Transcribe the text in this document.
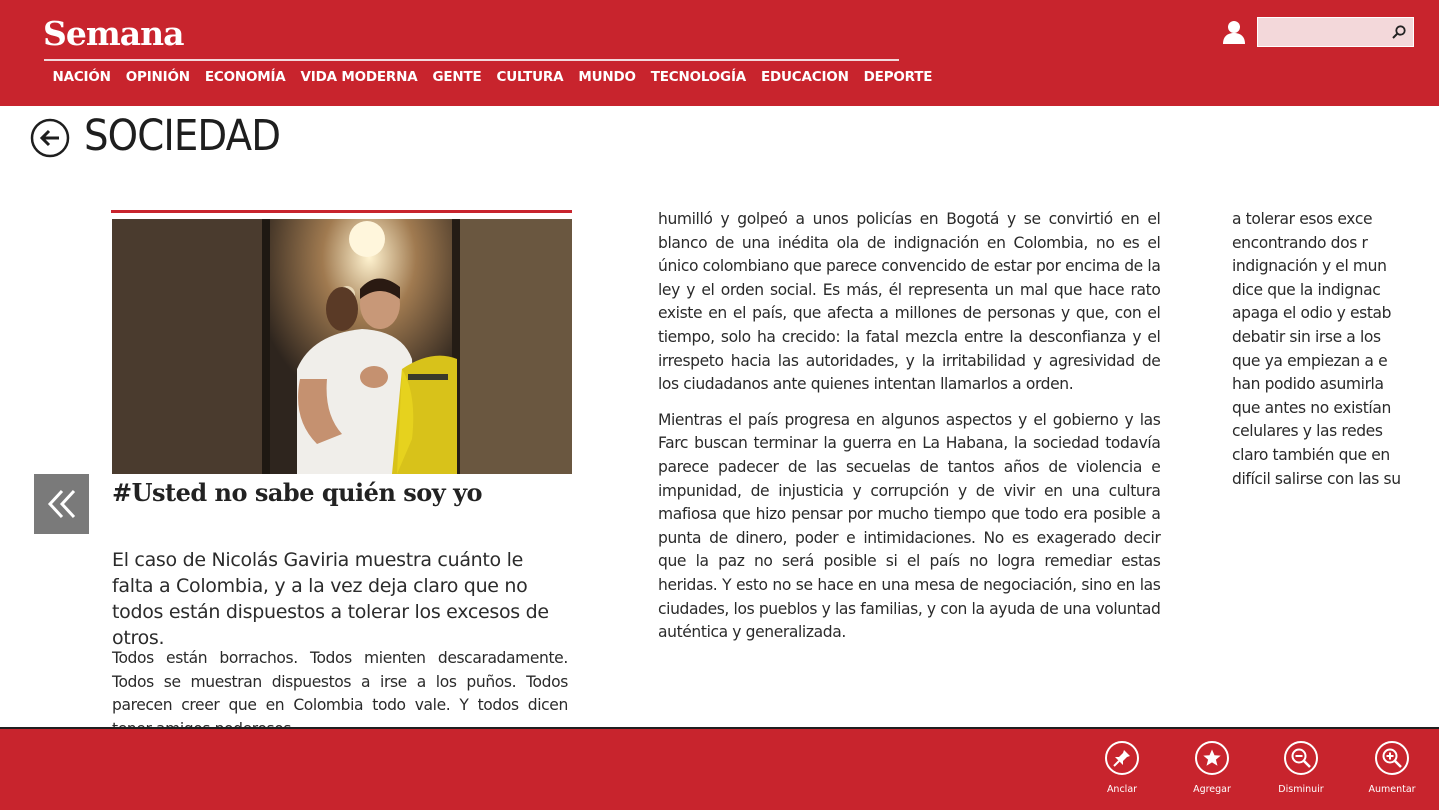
Semana
NACIÓN	OPINIÓN	ECONOMÍA	VIDA MODERNA	GENTE	CULTURA	MUNDO	TECNOLOGÍA	EDUCACION	DEPORTE
SOCIEDAD
#Usted no sabe quién soy yo
El caso de Nicolás Gaviria muestra cuánto le falta a Colombia, y a la vez deja claro que no todos están dispuestos a tolerar los excesos de otros.

Todos están borrachos. Todos mienten descaradamente. Todos se muestran dispuestos a irse a los puños. Todos parecen creer que en Colombia todo vale. Y todos dicen

humilló y golpeó a unos policías en Bogotá y se convirtió en el blanco de una inédita ola de indignación en Colombia, no es el único colombiano que parece convencido de estar por encima de la ley y el orden social. Es más, él representa un mal que hace rato existe en el país, que afecta a millones de personas y que, con el tiempo, solo ha crecido: la fatal mezcla entre la desconfianza y el irrespeto hacia las autoridades, y la irritabilidad y agresividad de los ciudadanos ante quienes intentan llamarlos a orden.

Mientras el país progresa en algunos aspectos y el gobierno y las Farc buscan terminar la guerra en La Habana, la sociedad todavía parece padecer de las secuelas de tantos años de violencia e impunidad, de injusticia y corrupción y de vivir en una cultura mafiosa que hizo pensar por mucho tiempo que todo era posible a punta de dinero, poder e intimidaciones. No es exagerado decir que la paz no será posible si el país no logra remediar estas heridas. Y esto no se hace en una mesa de negociación, sino en las ciudades, los pueblos y las familias, y con la ayuda de una voluntad auténtica y generalizada.

a tolerar esos exce
encontrando dos r
indignación y el mun
dice que la indignac
apaga el odio y estab
debatir sin irse a los
que ya empiezan a e
han podido asumirla
que antes no existían
celulares y las redes
claro también que en
difícil salirse con las su
Anclar	Agregar	Disminuir	Aumentar
